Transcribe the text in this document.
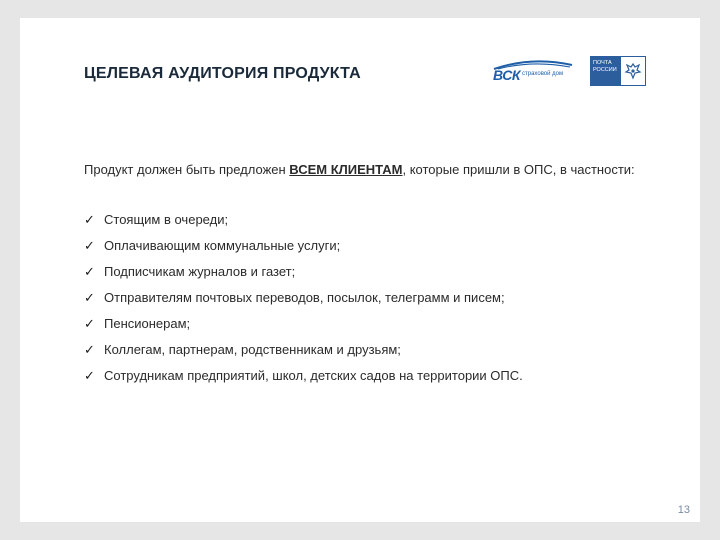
ЦЕЛЕВАЯ АУДИТОРИЯ ПРОДУКТА	ВСК страховой дом
ПОЧТА
РОССИИ
Продукт должен быть предложен ВСЕМ КЛИЕНТАМ, которые пришли в ОПС, в частности:
✓ Стоящим в очереди;
✓ Оплачивающим коммунальные услуги;
✓ Подписчикам журналов и газет;
✓ Отправителям почтовых переводов, посылок, телеграмм и писем;
✓ Пенсионерам;
✓ Коллегам, партнерам, родственникам и друзьям;
✓ Сотрудникам предприятий, школ, детских садов на территории ОПС.
13
